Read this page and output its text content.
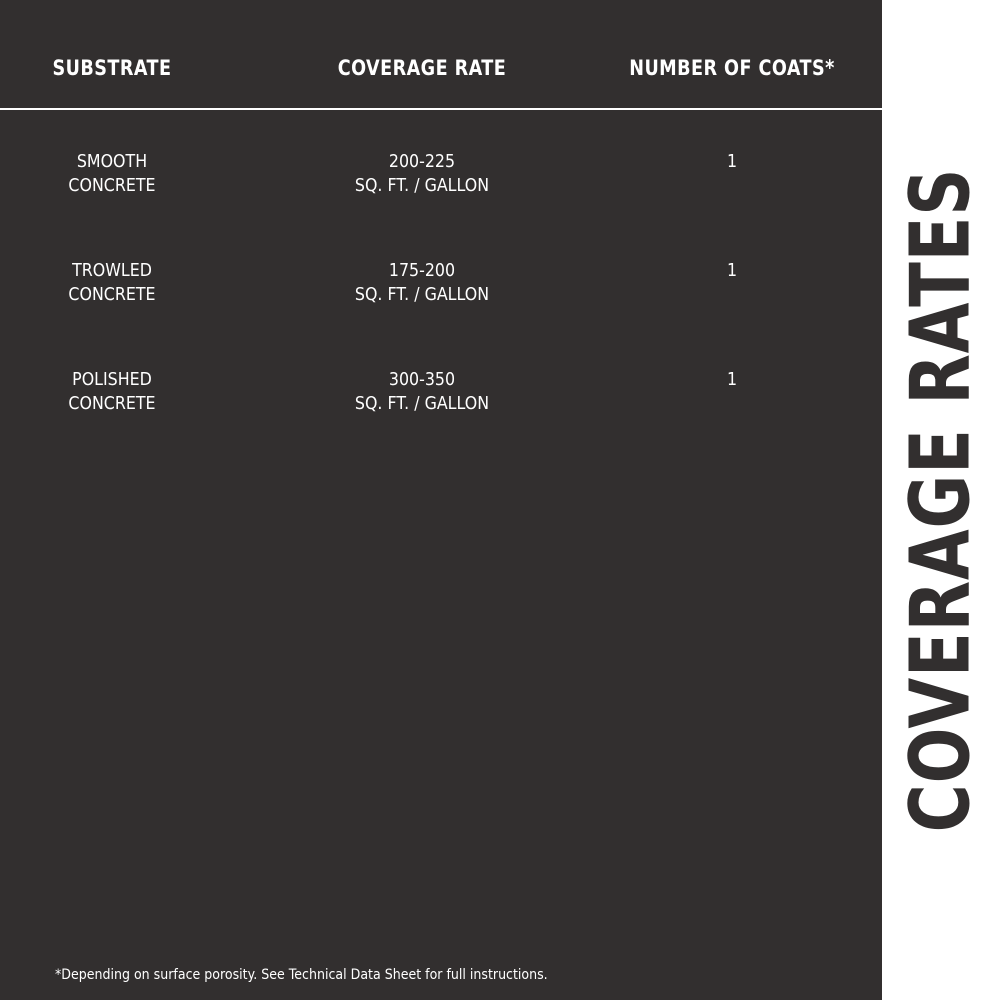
SUBSTRATE	COVERAGE RATE	NUMBER OF COATS*
SMOOTH
CONCRETE
200-225
SQ. FT. / GALLON
1
TROWLED
CONCRETE
175-200
SQ. FT. / GALLON
1
POLISHED
CONCRETE
300-350
SQ. FT. / GALLON
1
*Depending on surface porosity. See Technical Data Sheet for full instructions.
COVERAGE RATES
